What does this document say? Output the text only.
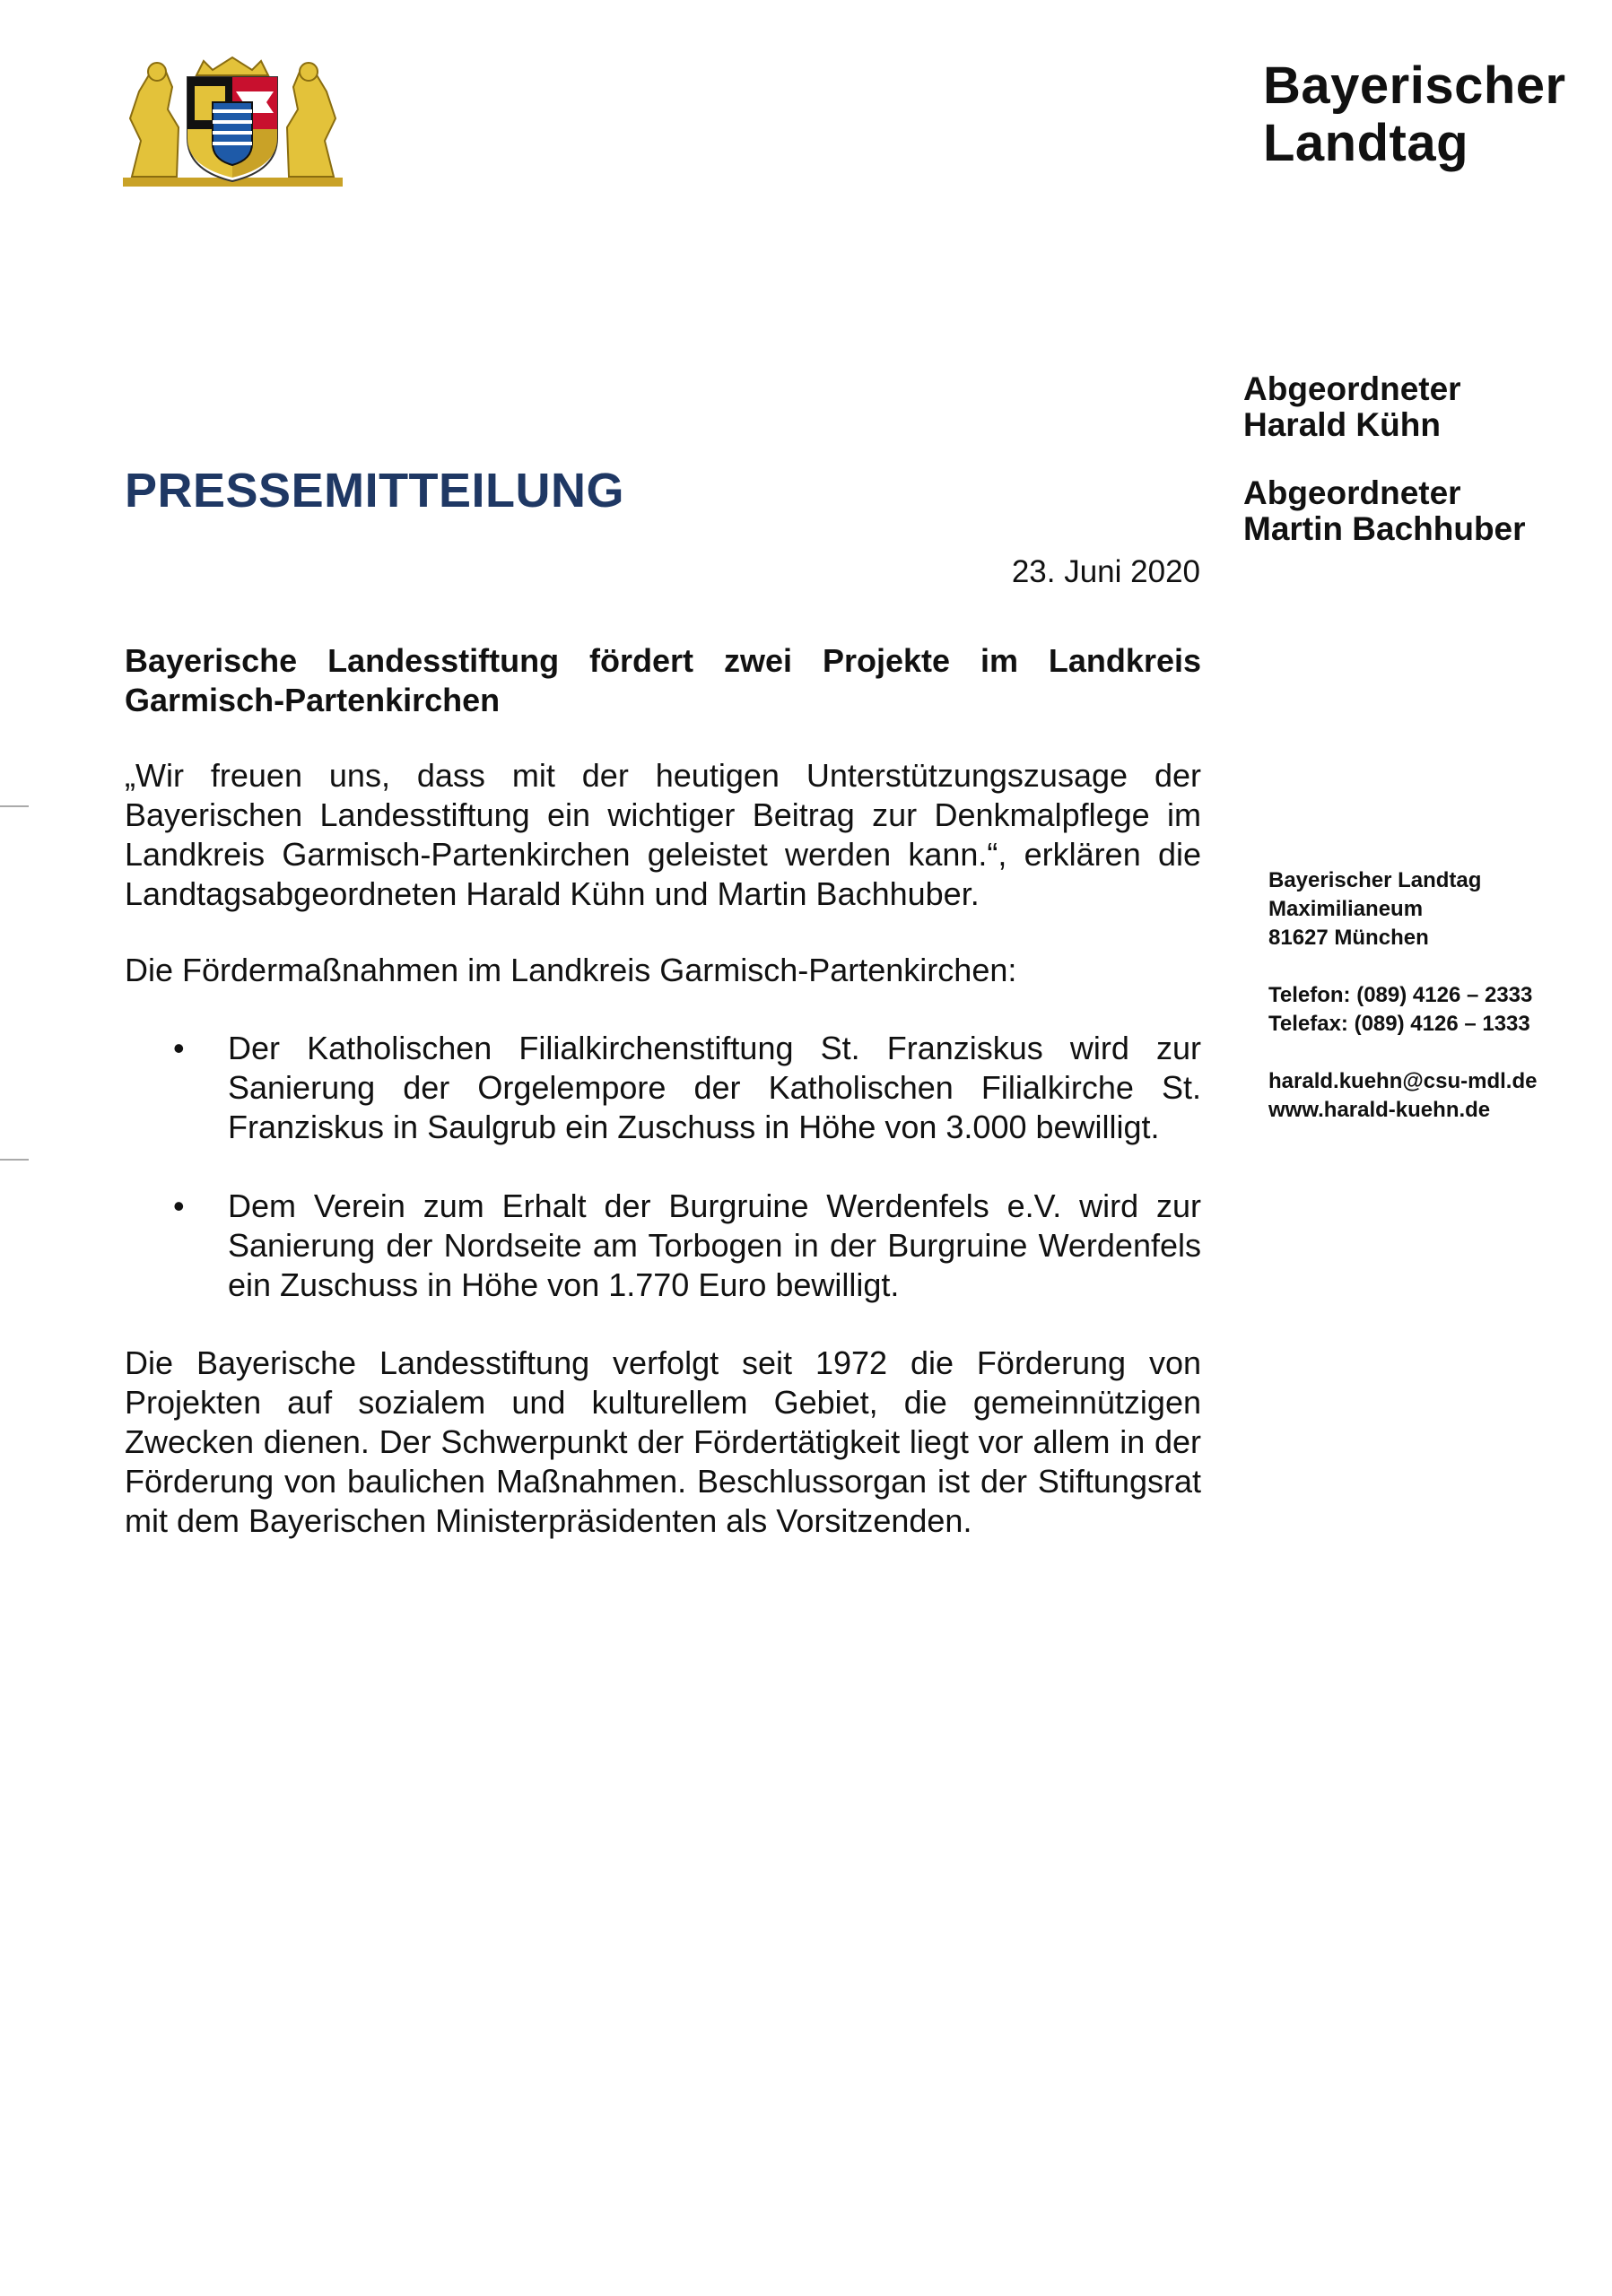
Bayerischer
Landtag
Abgeordneter
Harald Kühn
Abgeordneter
Martin Bachhuber
PRESSEMITTEILUNG
23. Juni 2020

Bayerische Landesstiftung fördert zwei Projekte im Landkreis Garmisch-Partenkirchen

„Wir freuen uns, dass mit der heutigen Unterstützungszusage der Bayerischen Landesstiftung ein wichtiger Beitrag zur Denkmalpflege im Landkreis Garmisch-Partenkirchen geleistet werden kann.“, erklären die Landtagsabgeordneten Harald Kühn und Martin Bachhuber.

Die Fördermaßnahmen im Landkreis Garmisch-Partenkirchen:

• Der Katholischen Filialkirchenstiftung St. Franziskus wird zur Sanierung der Orgelempore der Katholischen Filialkirche St. Franziskus in Saulgrub ein Zuschuss in Höhe von 3.000 bewilligt.
• Dem Verein zum Erhalt der Burgruine Werdenfels e.V. wird zur Sanierung der Nordseite am Torbogen in der Burgruine Werdenfels ein Zuschuss in Höhe von 1.770 Euro bewilligt.

Die Bayerische Landesstiftung verfolgt seit 1972 die Förderung von Projekten auf sozialem und kulturellem Gebiet, die gemeinnützigen Zwecken dienen. Der Schwerpunkt der Fördertätigkeit liegt vor allem in der Förderung von baulichen Maßnahmen. Beschlussorgan ist der Stiftungsrat mit dem Bayerischen Ministerpräsidenten als Vorsitzenden.

Bayerischer Landtag
Maximilianeum
81627 München
Telefon: (089) 4126 – 2333
Telefax: (089) 4126 – 1333
harald.kuehn@csu-mdl.de
www.harald-kuehn.de
